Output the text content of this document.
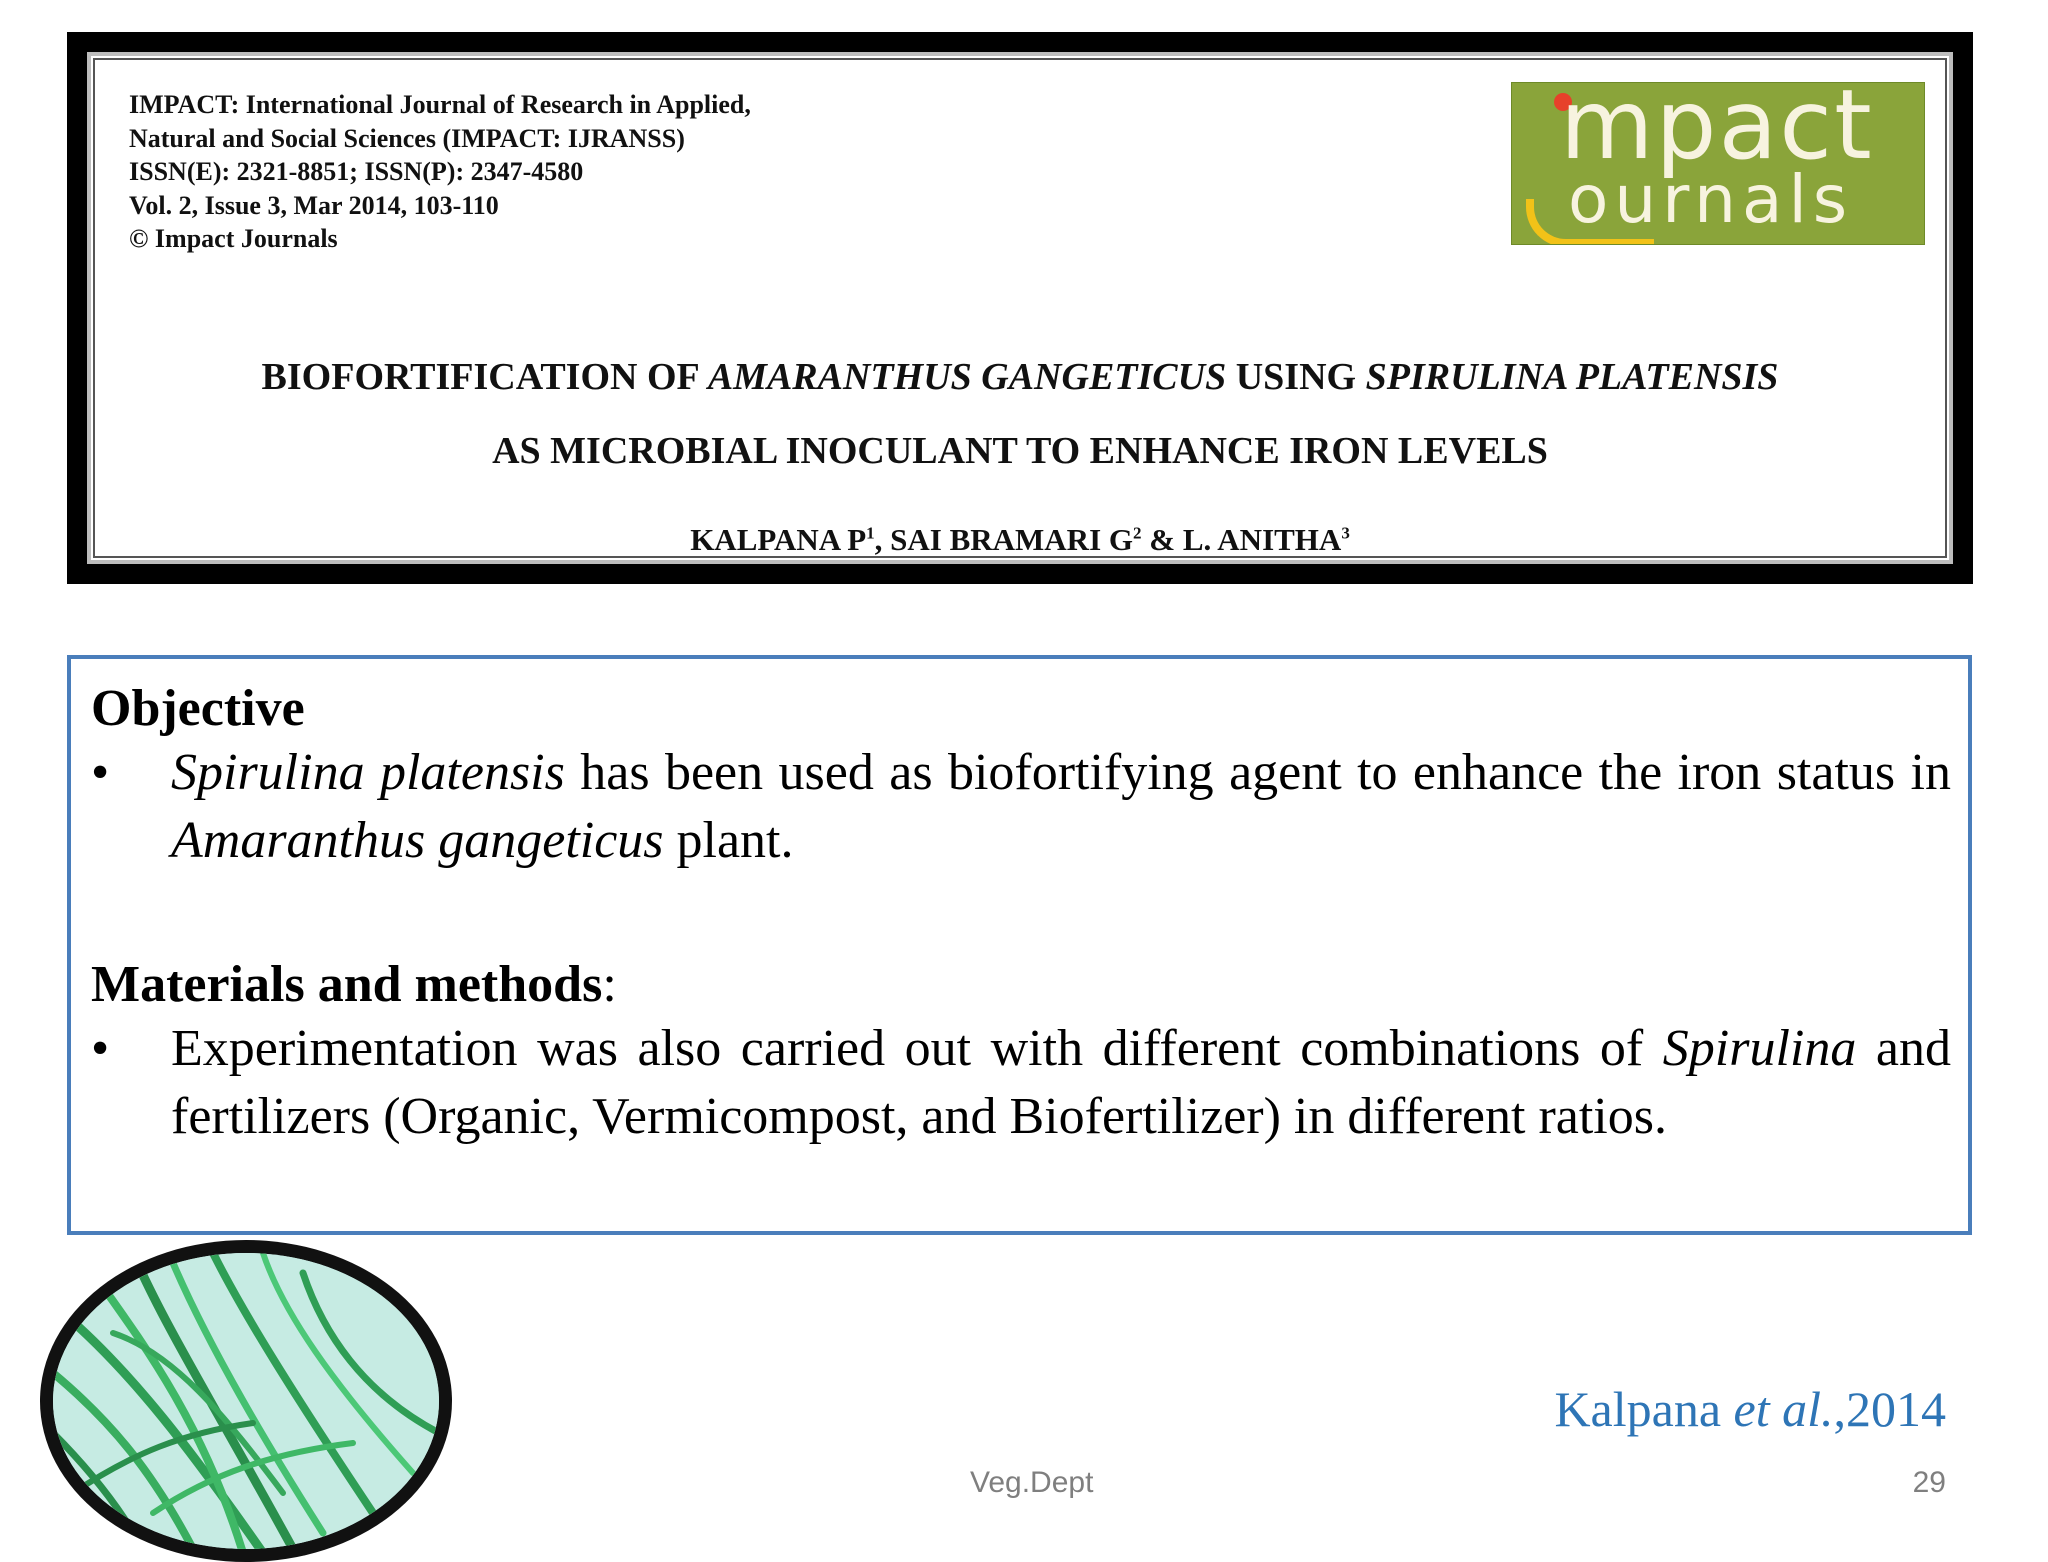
IMPACT: International Journal of Research in Applied,
Natural and Social Sciences (IMPACT: IJRANSS)
ISSN(E): 2321-8851; ISSN(P): 2347-4580
Vol. 2, Issue 3, Mar 2014, 103-110
© Impact Journals
mpact
ournals
BIOFORTIFICATION OF AMARANTHUS GANGETICUS USING SPIRULINA PLATENSIS
AS MICROBIAL INOCULANT TO ENHANCE IRON LEVELS
KALPANA $P^1$, SAI BRAMARI $G^2$ & L. ANITHA$^3$
Objective
•	Spirulina platensis has been used as biofortifying agent to enhance the iron status in Amaranthus gangeticus plant.
Materials and methods:
•	Experimentation was also carried out with different combinations of Spirulina and fertilizers (Organic, Vermicompost, and Biofertilizer) in different ratios.
Kalpana et al.,2014
Veg.Dept	29
